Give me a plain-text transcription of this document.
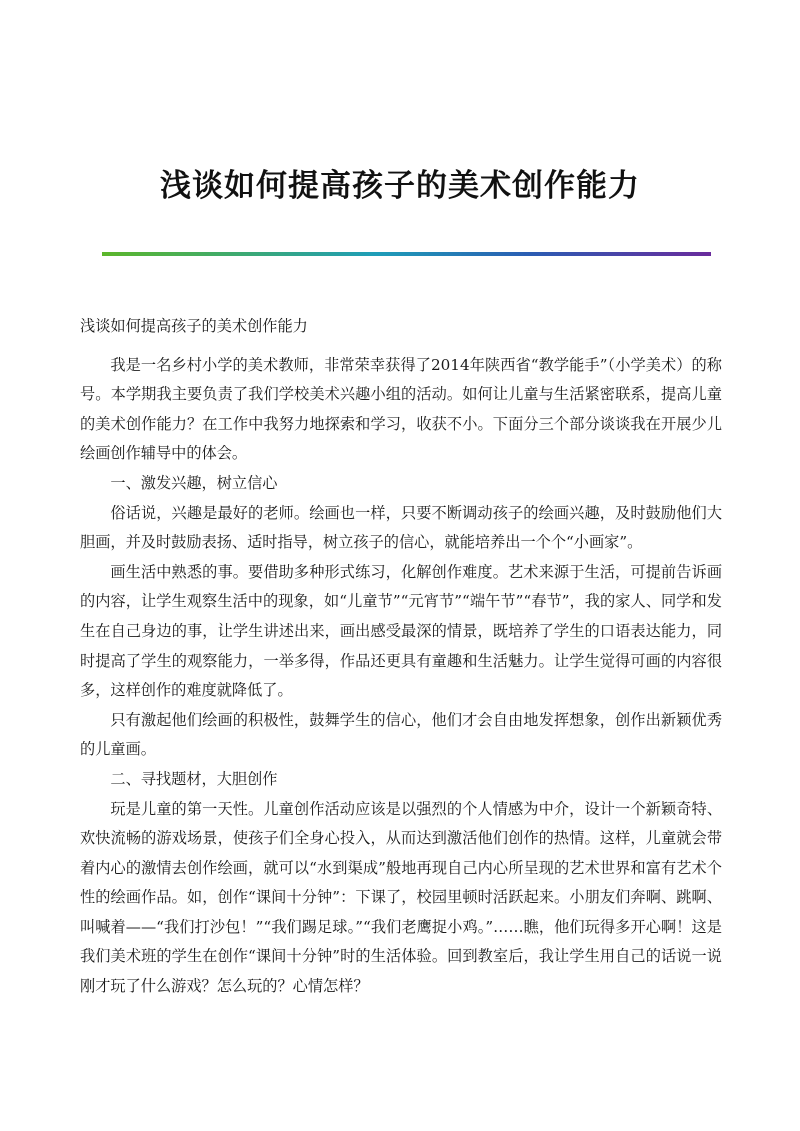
浅谈如何提高孩子的美术创作能力

浅谈如何提高孩子的美术创作能力

我是一名乡村小学的美术教师，非常荣幸获得了2014年陕西省“教学能手”（小学美术）的称号。本学期我主要负责了我们学校美术兴趣小组的活动。如何让儿童与生活紧密联系，提高儿童的美术创作能力？在工作中我努力地探索和学习，收获不小。下面分三个部分谈谈我在开展少儿绘画创作辅导中的体会。

一、激发兴趣，树立信心

俗话说，兴趣是最好的老师。绘画也一样，只要不断调动孩子的绘画兴趣，及时鼓励他们大胆画，并及时鼓励表扬、适时指导，树立孩子的信心，就能培养出一个个“小画家”。

画生活中熟悉的事。要借助多种形式练习，化解创作难度。艺术来源于生活，可提前告诉画的内容，让学生观察生活中的现象，如“儿童节”“元宵节”“端午节”“春节”，我的家人、同学和发生在自己身边的事，让学生讲述出来，画出感受最深的情景，既培养了学生的口语表达能力，同时提高了学生的观察能力，一举多得，作品还更具有童趣和生活魅力。让学生觉得可画的内容很多，这样创作的难度就降低了。

只有激起他们绘画的积极性，鼓舞学生的信心，他们才会自由地发挥想象，创作出新颖优秀的儿童画。

二、寻找题材，大胆创作

玩是儿童的第一天性。儿童创作活动应该是以强烈的个人情感为中介，设计一个新颖奇特、欢快流畅的游戏场景，使孩子们全身心投入，从而达到激活他们创作的热情。这样，儿童就会带着内心的激情去创作绘画，就可以“水到渠成”般地再现自己内心所呈现的艺术世界和富有艺术个性的绘画作品。如，创作“课间十分钟”：下课了，校园里顿时活跃起来。小朋友们奔啊、跳啊、叫喊着——“我们打沙包！”“我们踢足球。”“我们老鹰捉小鸡。”……瞧，他们玩得多开心啊！这是我们美术班的学生在创作“课间十分钟”时的生活体验。回到教室后，我让学生用自己的话说一说刚才玩了什么游戏？怎么玩的？心情怎样？
